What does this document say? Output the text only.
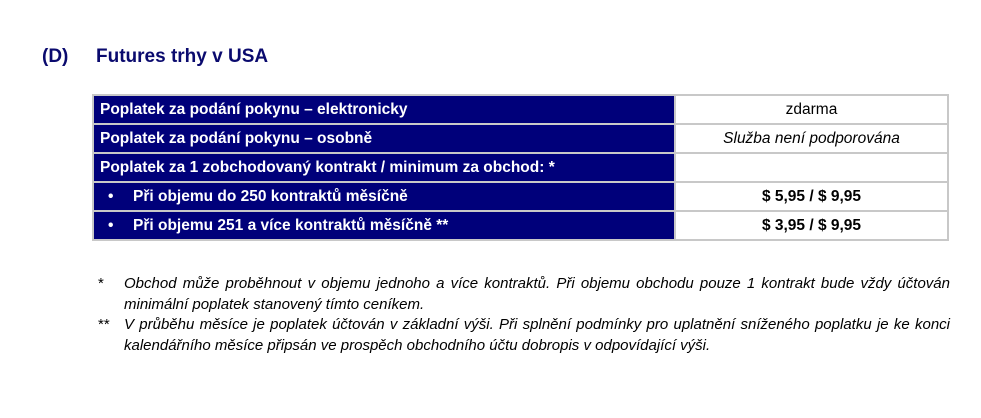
(D) Futures trhy v USA
Poplatek za podání pokynu – elektronicky	zdarma
Poplatek za podání pokynu – osobně	Služba není podporována
Poplatek za 1 zobchodovaný kontrakt / minimum za obchod: *	
• Při objemu do 250 kontraktů měsíčně	$ 5,95 / $ 9,95
• Při objemu 251 a více kontraktů měsíčně **	$ 3,95 / $ 9,95
*	Obchod může proběhnout v objemu jednoho a více kontraktů. Při objemu obchodu pouze 1 kontrakt bude vždy účtován minimální poplatek stanovený tímto ceníkem.
** V průběhu měsíce je poplatek účtován v základní výši. Při splnění podmínky pro uplatnění sníženého poplatku je ke konci kalendářního měsíce připsán ve prospěch obchodního účtu dobropis v odpovídající výši.
